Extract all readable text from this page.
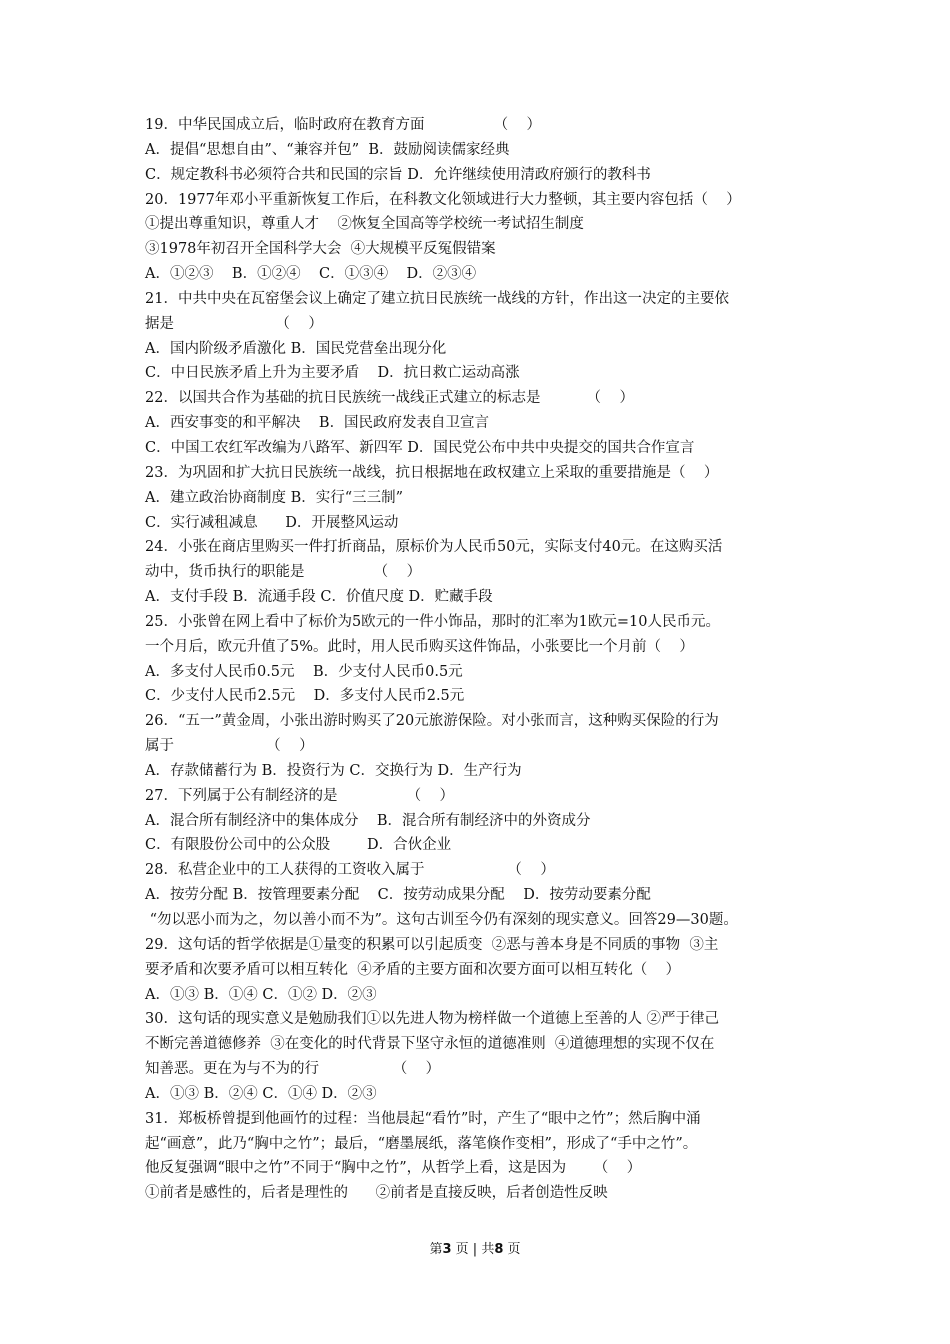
19．中华民国成立后，临时政府在教育方面               （    ）
A．提倡“思想自由”、“兼容并包”  B．鼓励阅读儒家经典
C．规定教科书必须符合共和民国的宗旨 D．允许继续使用清政府颁行的教科书
20．1977年邓小平重新恢复工作后，在科教文化领域进行大力整顿，其主要内容包括（    ）
①提出尊重知识，尊重人才    ②恢复全国高等学校统一考试招生制度
③1978年初召开全国科学大会  ④大规模平反冤假错案
A．①②③    B．①②④    C．①③④    D．②③④
21．中共中央在瓦窑堡会议上确定了建立抗日民族统一战线的方针，作出这一决定的主要依
据是                      （    ）
A．国内阶级矛盾激化 B．国民党营垒出现分化
C．中日民族矛盾上升为主要矛盾    D．抗日救亡运动高涨
22．以国共合作为基础的抗日民族统一战线正式建立的标志是          （    ）
A．西安事变的和平解决    B．国民政府发表自卫宣言
C．中国工农红军改编为八路军、新四军 D．国民党公布中共中央提交的国共合作宣言
23．为巩固和扩大抗日民族统一战线，抗日根据地在政权建立上采取的重要措施是（    ）
A．建立政治协商制度 B．实行“三三制”
C．实行减租减息      D．开展整风运动
24．小张在商店里购买一件打折商品，原标价为人民币50元，实际支付40元。在这购买活
动中，货币执行的职能是               （    ）
A．支付手段 B．流通手段 C．价值尺度 D．贮藏手段
25．小张曾在网上看中了标价为5欧元的一件小饰品，那时的汇率为1欧元=10人民币元。
一个月后，欧元升值了5%。此时，用人民币购买这件饰品，小张要比一个月前（    ）
A．多支付人民币0.5元    B．少支付人民币0.5元
C．少支付人民币2.5元    D．多支付人民币2.5元
26．“五一”黄金周，小张出游时购买了20元旅游保险。对小张而言，这种购买保险的行为
属于                    （    ）
A．存款储蓄行为 B．投资行为 C．交换行为 D．生产行为
27．下列属于公有制经济的是               （    ）
A．混合所有制经济中的集体成分    B．混合所有制经济中的外资成分
C．有限股份公司中的公众股        D．合伙企业
28．私营企业中的工人获得的工资收入属于                  （    ）
A．按劳分配 B．按管理要素分配    C．按劳动成果分配    D．按劳动要素分配
“勿以恶小而为之，勿以善小而不为”。这句古训至今仍有深刻的现实意义。回答29—30题。
29．这句话的哲学依据是①量变的积累可以引起质变  ②恶与善本身是不同质的事物  ③主
要矛盾和次要矛盾可以相互转化  ④矛盾的主要方面和次要方面可以相互转化（    ）
A．①③ B．①④ C．①② D．②③
30．这句话的现实意义是勉励我们①以先进人物为榜样做一个道德上至善的人 ②严于律己
不断完善道德修养  ③在变化的时代背景下坚守永恒的道德准则  ④道德理想的实现不仅在
知善恶。更在为与不为的行                （    ）
A．①③ B．②④ C．①④ D．②③
31．郑板桥曾提到他画竹的过程：当他晨起“看竹”时，产生了“眼中之竹”；然后胸中涌
起“画意”，此乃“胸中之竹”；最后，“磨墨展纸，落笔倏作变相”，形成了“手中之竹”。
他反复强调“眼中之竹”不同于“胸中之竹”，从哲学上看，这是因为      （    ）
①前者是感性的，后者是理性的      ②前者是直接反映，后者创造性反映
第3 页 | 共8 页
